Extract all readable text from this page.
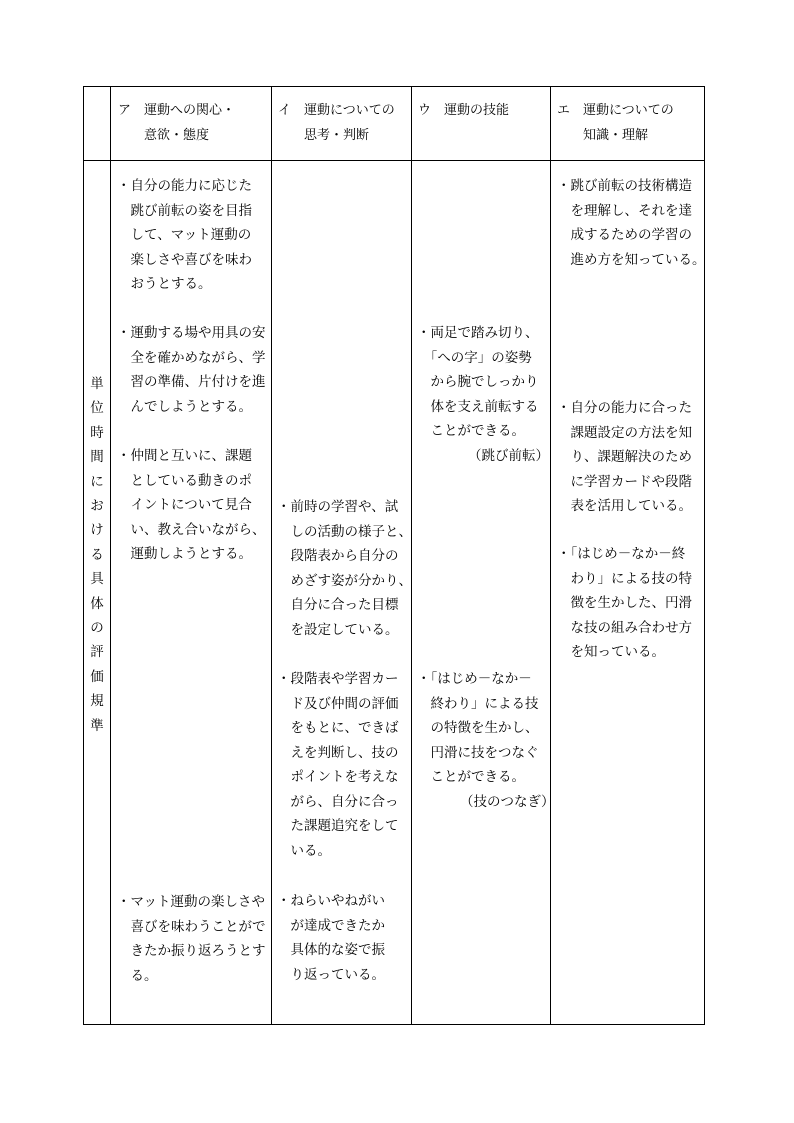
ア　運動への関心・
　　意欲・態度
イ　運動についての
　　思考・判断
ウ　運動の技能	エ　運動についての
　　知識・理解
単
位
時
間
に
お
け
る
具
体
の
評
価
規
準
・自分の能力に応じた
　跳び前転の姿を目指
　して、マット運動の
　楽しさや喜びを味わ
　おうとする。
・運動する場や用具の安
　全を確かめながら、学
　習の準備、片付けを進
　んでしようとする。
・仲間と互いに、課題
　としている動きのポ
　イントについて見合
　い、教え合いながら、
　運動しようとする。
・マット運動の楽しさや
　喜びを味わうことがで
　きたか振り返ろうとす
　る。
・前時の学習や、試
　しの活動の様子と、
　段階表から自分の
　めざす姿が分かり、
　自分に合った目標
　を設定している。
・段階表や学習カー
　ド及び仲間の評価
　をもとに、できば
　えを判断し、技の
　ポイントを考えな
　がら、自分に合っ
　た課題追究をして
　いる。
・ねらいやねがい
　が達成できたか
　具体的な姿で振
　り返っている。
・両足で踏み切り、
　「への字」の姿勢
　から腕でしっかり
　体を支え前転する
　ことができる。
（跳び前転）
・「はじめ－なか－
　終わり」による技
　の特徴を生かし、
　円滑に技をつなぐ
　ことができる。
（技のつなぎ）
・跳び前転の技術構造
　を理解し、それを達
　成するための学習の
　進め方を知っている。
・自分の能力に合った
　課題設定の方法を知
　り、課題解決のため
　に学習カードや段階
　表を活用している。
・「はじめ－なか－終
　わり」による技の特
　徴を生かした、円滑
　な技の組み合わせ方
　を知っている。
